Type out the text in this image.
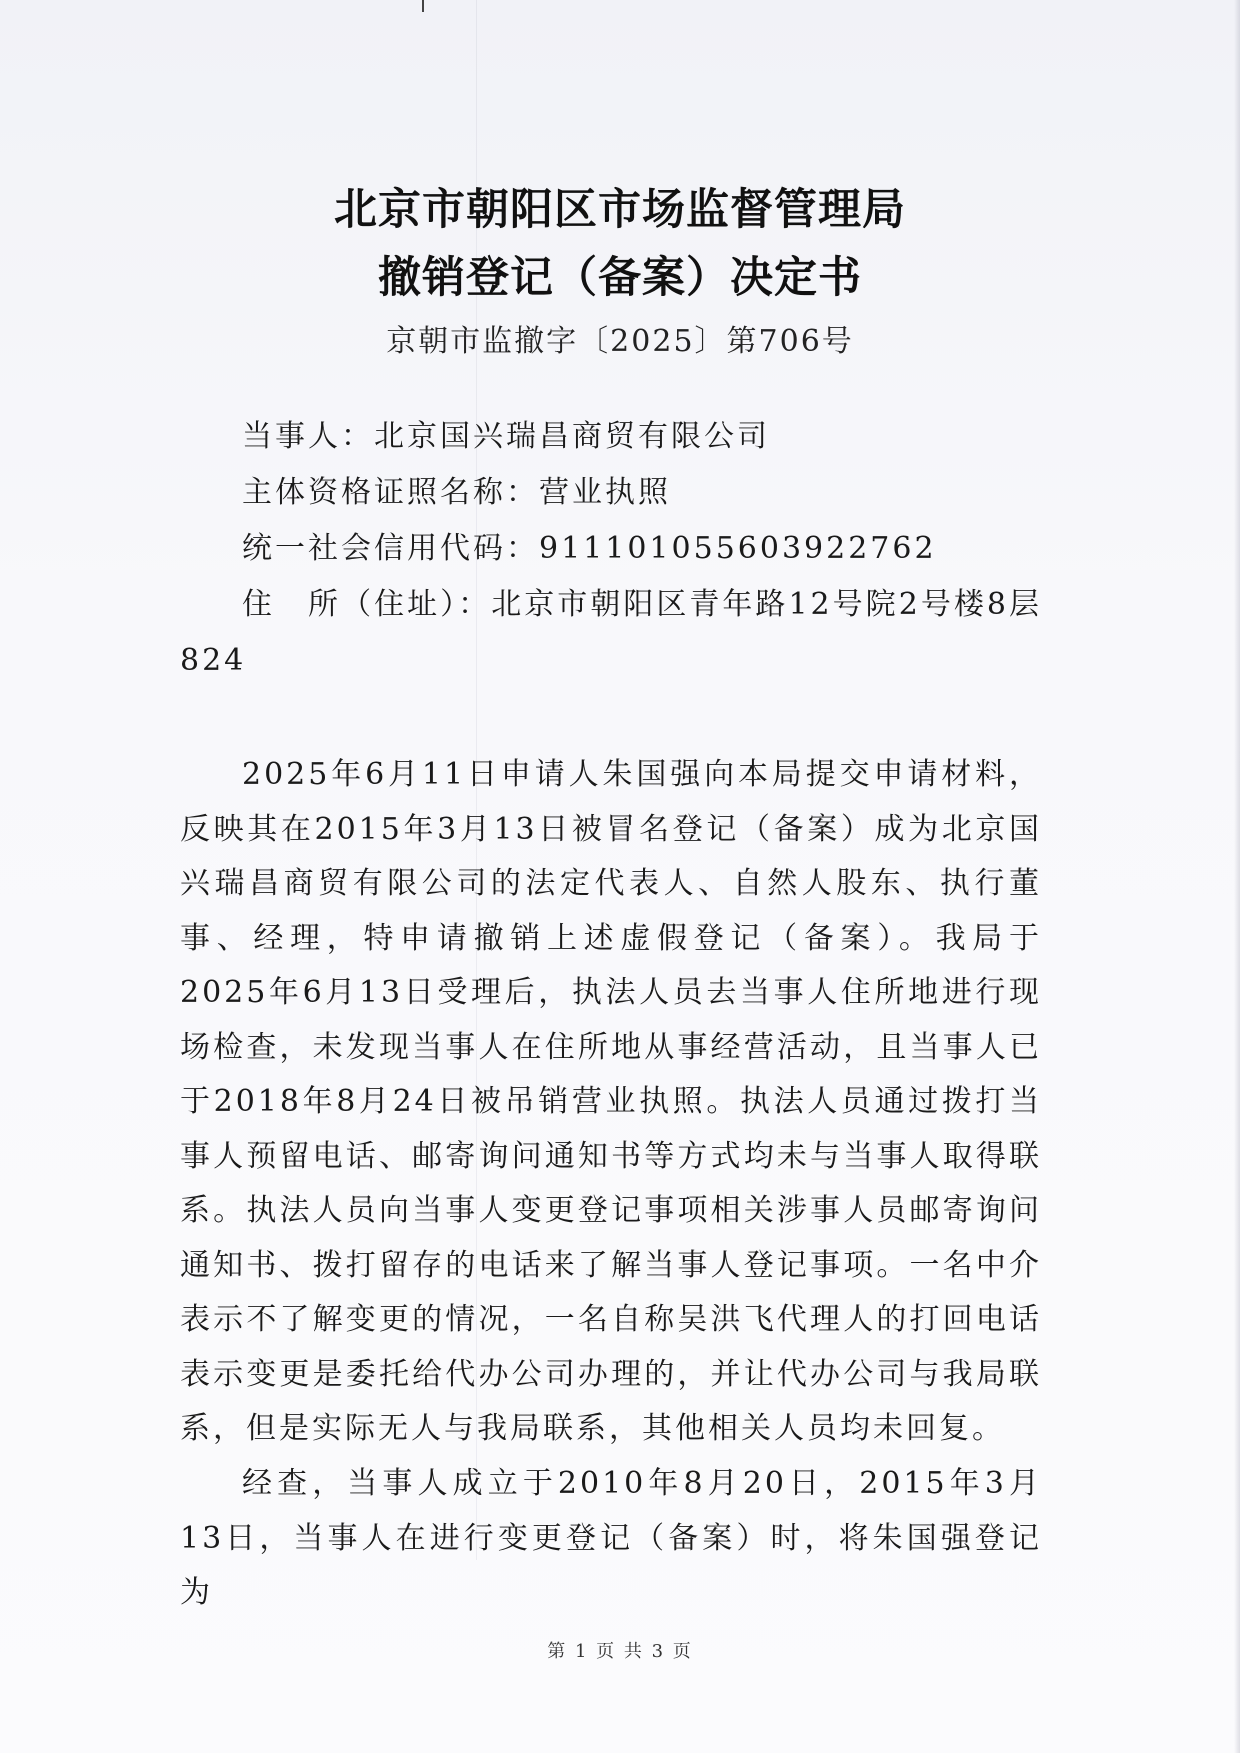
北京市朝阳区市场监督管理局
撤销登记（备案）决定书
京朝市监撤字〔2025〕第706号
当事人：北京国兴瑞昌商贸有限公司
主体资格证照名称：营业执照
统一社会信用代码：911101055603922762
住　所（住址）：北京市朝阳区青年路12号院2号楼8层824

2025年6月11日申请人朱国强向本局提交申请材料，反映其在2015年3月13日被冒名登记（备案）成为北京国兴瑞昌商贸有限公司的法定代表人、自然人股东、执行董事、经理，特申请撤销上述虚假登记（备案）。我局于2025年6月13日受理后，执法人员去当事人住所地进行现场检查，未发现当事人在住所地从事经营活动，且当事人已于2018年8月24日被吊销营业执照。执法人员通过拨打当事人预留电话、邮寄询问通知书等方式均未与当事人取得联系。执法人员向当事人变更登记事项相关涉事人员邮寄询问通知书、拨打留存的电话来了解当事人登记事项。一名中介表示不了解变更的情况，一名自称吴洪飞代理人的打回电话表示变更是委托给代办公司办理的，并让代办公司与我局联系，但是实际无人与我局联系，其他相关人员均未回复。

经查，当事人成立于2010年8月20日，2015年3月13日，当事人在进行变更登记（备案）时，将朱国强登记为

第 1 页 共 3 页
